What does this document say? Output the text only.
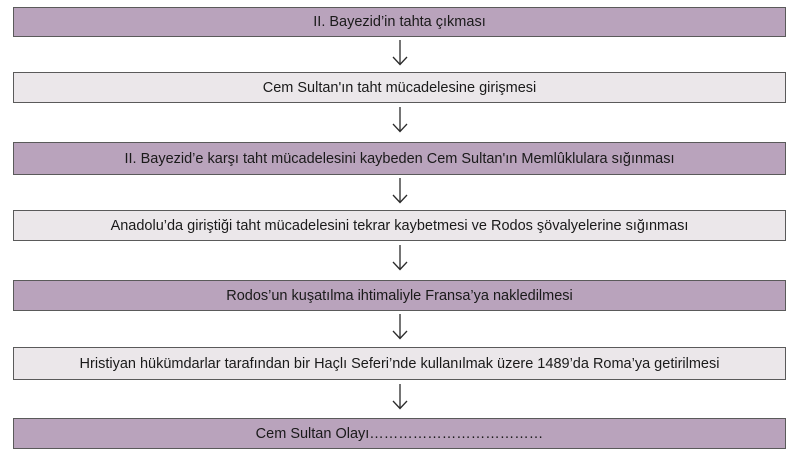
II. Bayezid’in tahta çıkması
Cem Sultan'ın taht mücadelesine girişmesi
II. Bayezid’e karşı taht mücadelesini kaybeden Cem Sultan'ın Memlûklulara sığınması
Anadolu’da giriştiği taht mücadelesini tekrar kaybetmesi ve Rodos şövalyelerine sığınması
Rodos’un kuşatılma ihtimaliyle Fransa’ya nakledilmesi
Hristiyan hükümdarlar tarafından bir Haçlı Seferi’nde kullanılmak üzere 1489’da Roma’ya getirilmesi
Cem Sultan Olayı………………………………
